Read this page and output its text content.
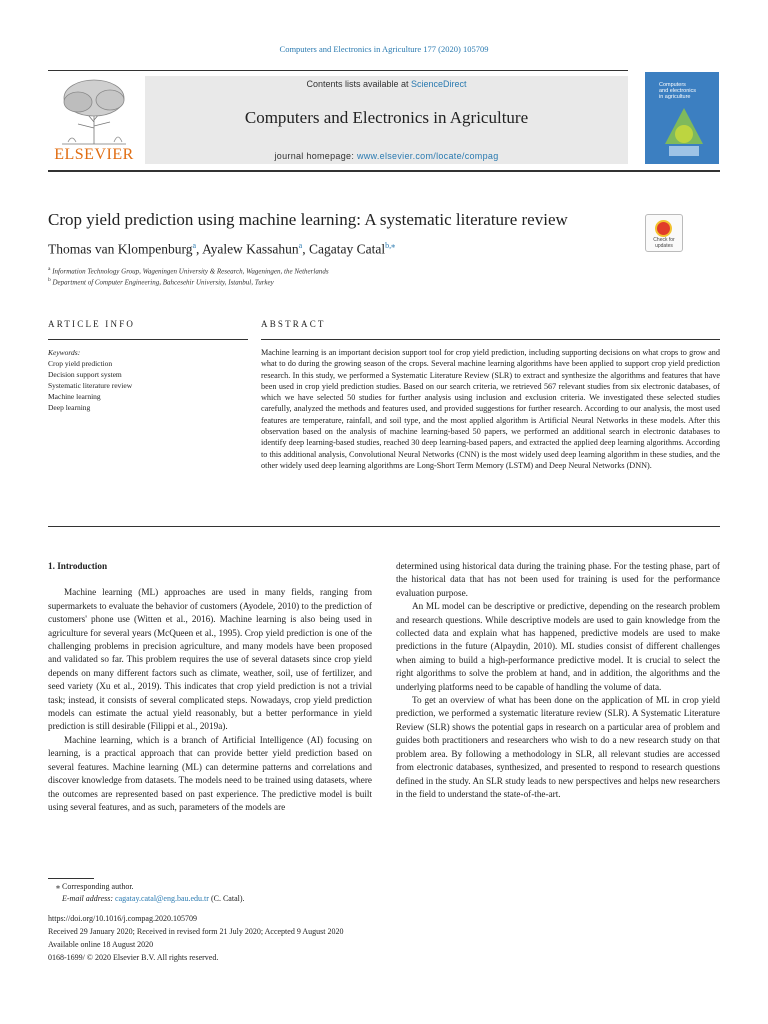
Computers and Electronics in Agriculture 177 (2020) 105709
ELSEVIER
Contents lists available at ScienceDirect
Computers and Electronics in Agriculture
journal homepage: www.elsevier.com/locate/compag
Computers
and electronics
in agriculture
Crop yield prediction using machine learning: A systematic literature review
Check for
updates
Thomas van Klompenburg$^a$, Ayalew Kassahun$^a$, Cagatay Catal$^{b,⁎}$
$^a$ Information Technology Group, Wageningen University & Research, Wageningen, the Netherlands
$^b$ Department of Computer Engineering, Bahcesehir University, Istanbul, Turkey
ARTICLE INFO	ABSTRACT
Keywords:
Crop yield prediction
Decision support system
Systematic literature review
Machine learning
Deep learning
Machine learning is an important decision support tool for crop yield prediction, including supporting decisions on what crops to grow and what to do during the growing season of the crops. Several machine learning algorithms have been applied to support crop yield prediction research. In this study, we performed a Systematic Literature Review (SLR) to extract and synthesize the algorithms and features that have been used in crop yield prediction studies. Based on our search criteria, we retrieved 567 relevant studies from six electronic databases, of which we have selected 50 studies for further analysis using inclusion and exclusion criteria. We investigated these selected studies carefully, analyzed the methods and features used, and provided suggestions for further research. According to our analysis, the most used features are temperature, rainfall, and soil type, and the most applied algorithm is Artificial Neural Networks in these models. After this observation based on the analysis of machine learning-based 50 papers, we performed an additional search in electronic databases to identify deep learning-based studies, reached 30 deep learning-based papers, and extracted the applied deep learning algorithms. According to this additional analysis, Convolutional Neural Networks (CNN) is the most widely used deep learning algorithm in these studies, and the other widely used deep learning algorithms are Long-Short Term Memory (LSTM) and Deep Neural Networks (DNN).

1. Introduction

Machine learning (ML) approaches are used in many fields, ranging from supermarkets to evaluate the behavior of customers (Ayodele, 2010) to the prediction of customers' phone use (Witten et al., 2016). Machine learning is also being used in agriculture for several years (McQueen et al., 1995). Crop yield prediction is one of the challenging problems in precision agriculture, and many models have been proposed and validated so far. This problem requires the use of several datasets since crop yield depends on many different factors such as climate, weather, soil, use of fertilizer, and seed variety (Xu et al., 2019). This indicates that crop yield prediction is not a trivial task; instead, it consists of several complicated steps. Nowadays, crop yield prediction models can estimate the actual yield reasonably, but a better performance in yield prediction is still desirable (Filippi et al., 2019a).

Machine learning, which is a branch of Artificial Intelligence (AI) focusing on learning, is a practical approach that can provide better yield prediction based on several features. Machine learning (ML) can determine patterns and correlations and discover knowledge from datasets. The models need to be trained using datasets, where the outcomes are represented based on past experience. The predictive model is built using several features, and as such, parameters of the models are

determined using historical data during the training phase. For the testing phase, part of the historical data that has not been used for training is used for the performance evaluation purpose.

An ML model can be descriptive or predictive, depending on the research problem and research questions. While descriptive models are used to gain knowledge from the collected data and explain what has happened, predictive models are used to make predictions in the future (Alpaydin, 2010). ML studies consist of different challenges when aiming to build a high-performance predictive model. It is crucial to select the right algorithms to solve the problem at hand, and in addition, the algorithms and the underlying platforms need to be capable of handling the volume of data.

To get an overview of what has been done on the application of ML in crop yield prediction, we performed a systematic literature review (SLR). A Systematic Literature Review (SLR) shows the potential gaps in research on a particular area of problem and guides both practitioners and researchers who wish to do a new research study on that problem area. By following a methodology in SLR, all relevant studies are accessed from electronic databases, synthesized, and presented to respond to research questions defined in the study. An SLR study leads to new perspectives and helps new researchers in the field to understand the state-of-the-art.

⁎ Corresponding author.
E-mail address: cagatay.catal@eng.bau.edu.tr (C. Catal).
https://doi.org/10.1016/j.compag.2020.105709
Received 29 January 2020; Received in revised form 21 July 2020; Accepted 9 August 2020
Available online 18 August 2020
0168-1699/ © 2020 Elsevier B.V. All rights reserved.
